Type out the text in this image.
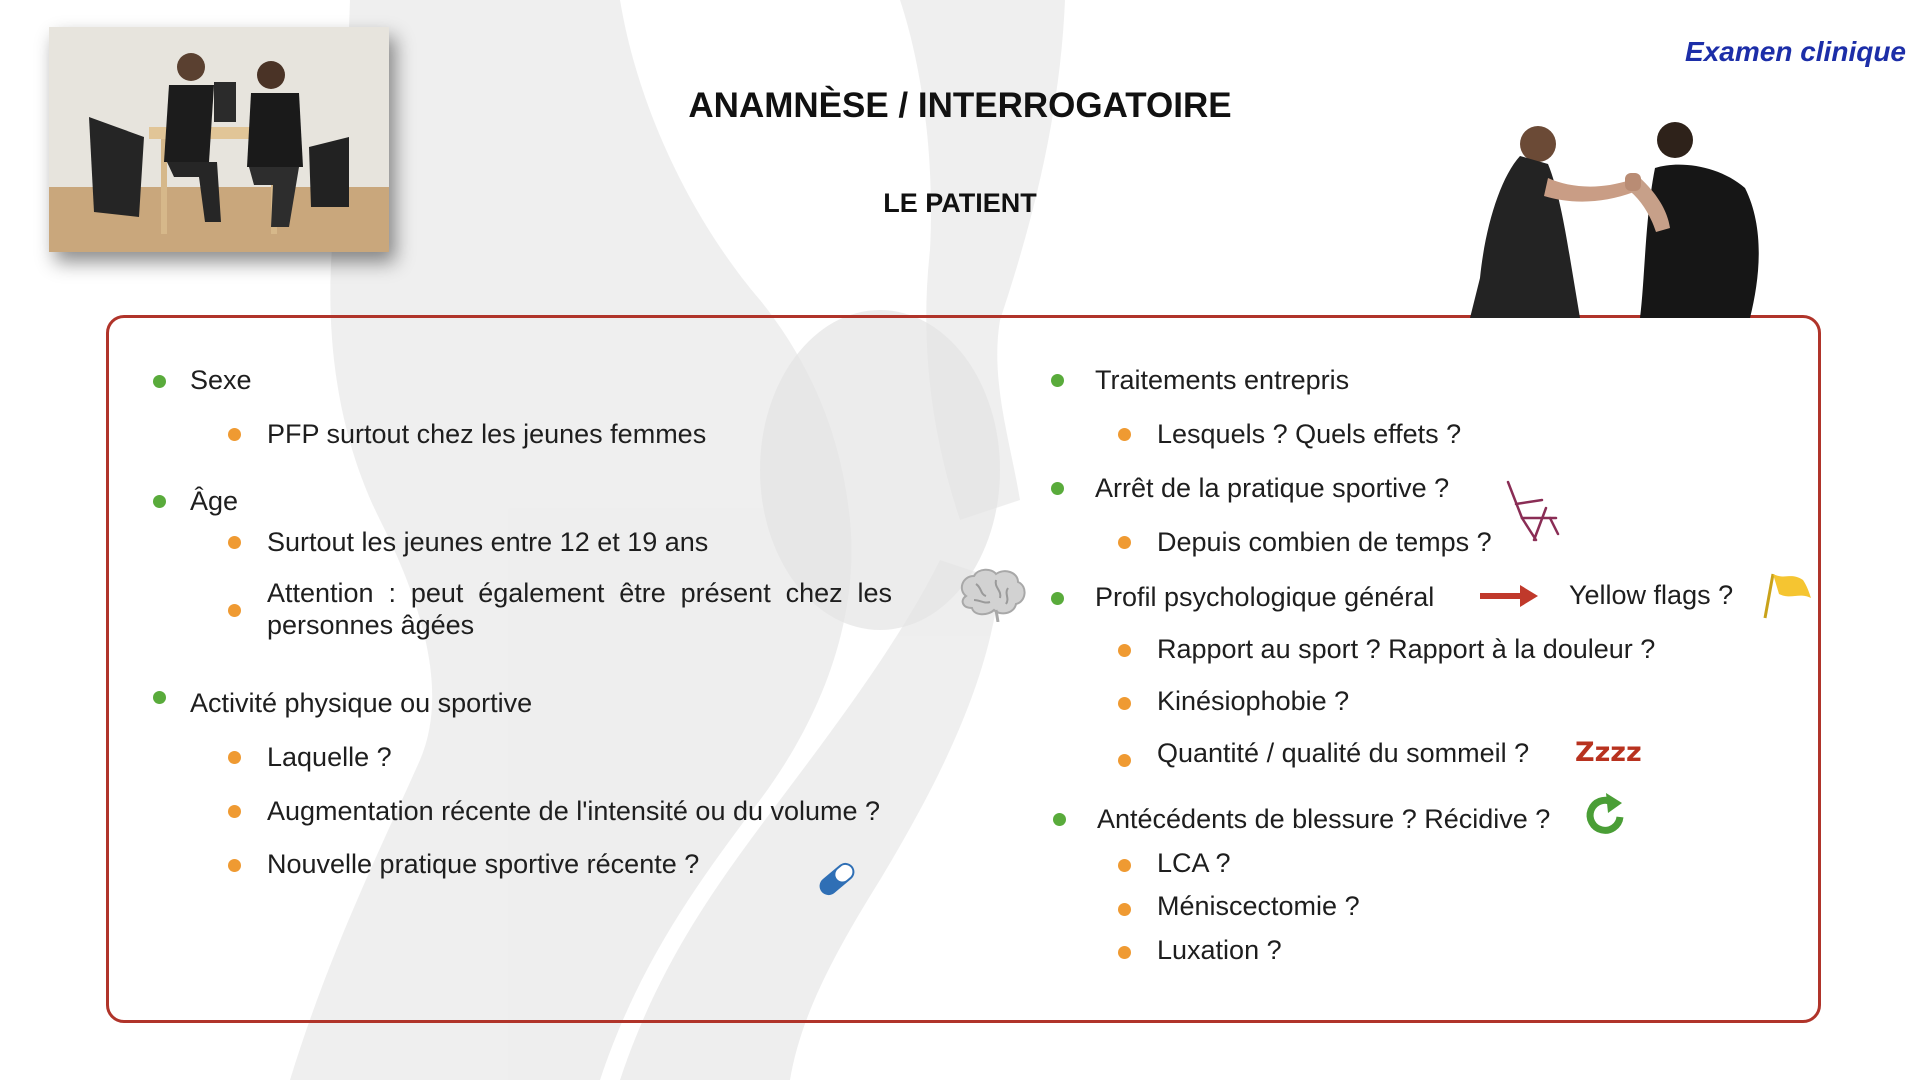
Examen clinique
ANAMNÈSE / INTERROGATOIRE
LE PATIENT
Sexe
PFP surtout chez les jeunes femmes
Âge
Surtout les jeunes entre 12 et 19 ans
Attention : peut également être présent chez les personnes âgées
Activité physique ou sportive
Laquelle ?
Augmentation récente de l'intensité ou du volume ?
Nouvelle pratique sportive récente ?
Traitements entrepris
Lesquels ? Quels effets ?
Arrêt de la pratique sportive ?
Depuis combien de temps ?
Profil psychologique général	Yellow flags ?
Rapport au sport ? Rapport à la douleur ?
Kinésiophobie ?
Quantité / qualité du sommeil ? Zzzz
Antécédents de blessure ? Récidive ?
LCA ?
Méniscectomie ?
Luxation ?
